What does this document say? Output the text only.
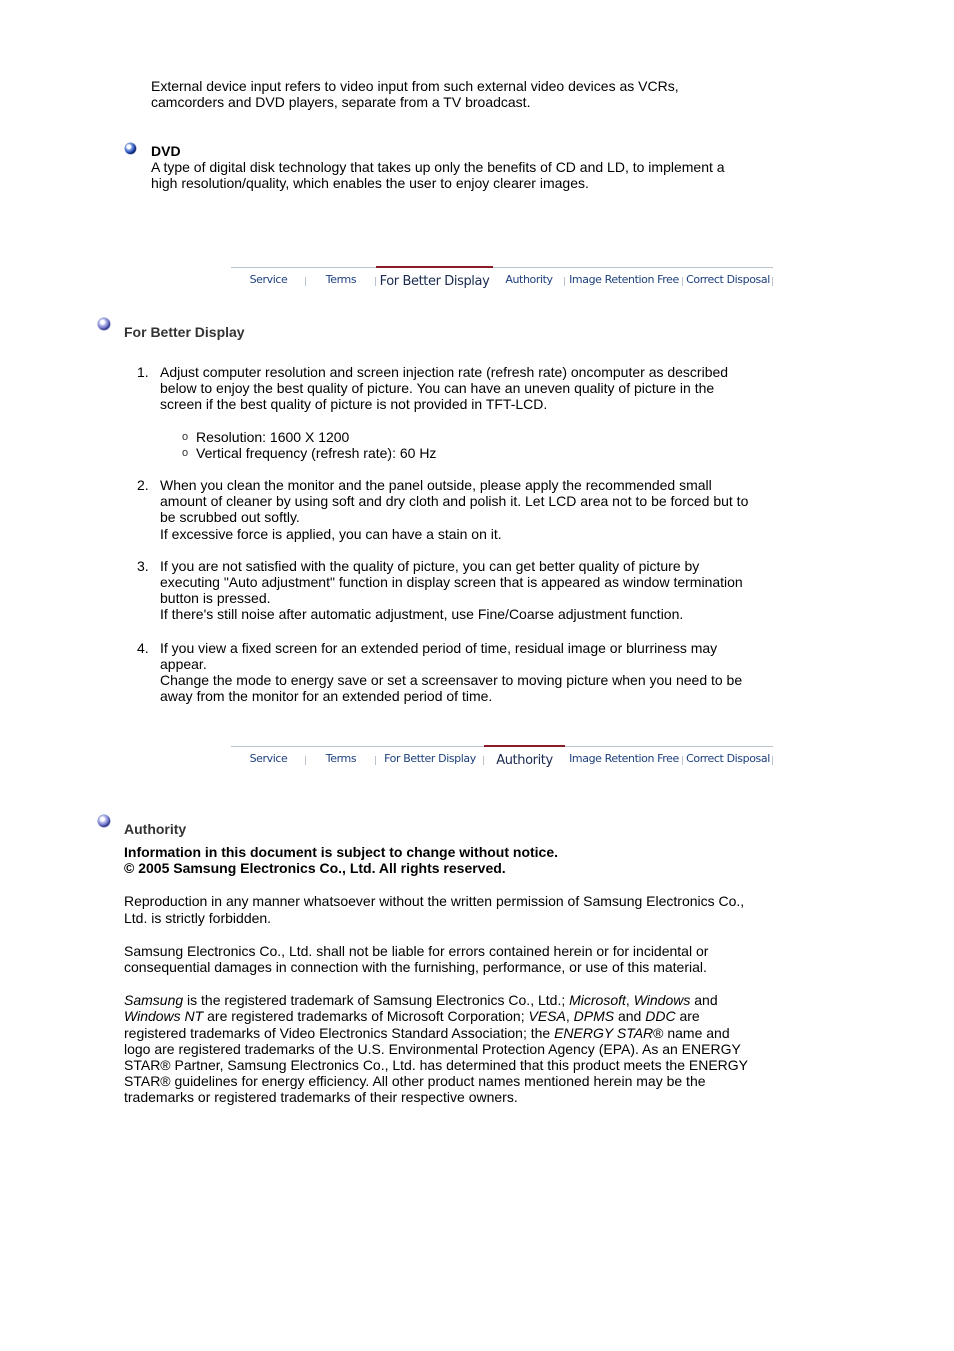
External device input refers to video input from such external video devices as VCRs, camcorders and DVD players, separate from a TV broadcast.

DVD

A type of digital disk technology that takes up only the benefits of CD and LD, to implement a high resolution/quality, which enables the user to enjoy clearer images.

Service	Terms	For Better Display	Authority	Image Retention Free Correct Disposal

For Better Display

1. Adjust computer resolution and screen injection rate (refresh rate) oncomputer as described below to enjoy the best quality of picture. You can have an uneven quality of picture in the screen if the best quality of picture is not provided in TFT-LCD.

o Resolution: 1600 X 1200
o Vertical frequency (refresh rate): 60 Hz
2. When you clean the monitor and the panel outside, please apply the recommended small amount of cleaner by using soft and dry cloth and polish it. Let LCD area not to be forced but to be scrubbed out softly.

If excessive force is applied, you can have a stain on it.

3. If you are not satisfied with the quality of picture, you can get better quality of picture by executing "Auto adjustment" function in display screen that is appeared as window termination button is pressed.

If there's still noise after automatic adjustment, use Fine/Coarse adjustment function.

4. If you view a fixed screen for an extended period of time, residual image or blurriness may appear.

Change the mode to energy save or set a screensaver to moving picture when you need to be away from the monitor for an extended period of time.

Service	Terms	For Better Display	Authority	Image Retention Free Correct Disposal

Authority

Information in this document is subject to change without notice.

© 2005 Samsung Electronics Co., Ltd. All rights reserved.

Reproduction in any manner whatsoever without the written permission of Samsung Electronics Co., Ltd. is strictly forbidden.

Samsung Electronics Co., Ltd. shall not be liable for errors contained herein or for incidental or consequential damages in connection with the furnishing, performance, or use of this material.

Samsung is the registered trademark of Samsung Electronics Co., Ltd.; Microsoft, Windows and Windows NT are registered trademarks of Microsoft Corporation; VESA, DPMS and DDC are registered trademarks of Video Electronics Standard Association; the ENERGY STAR® name and logo are registered trademarks of the U.S. Environmental Protection Agency (EPA). As an ENERGY STAR® Partner, Samsung Electronics Co., Ltd. has determined that this product meets the ENERGY STAR® guidelines for energy efficiency. All other product names mentioned herein may be the trademarks or registered trademarks of their respective owners.
